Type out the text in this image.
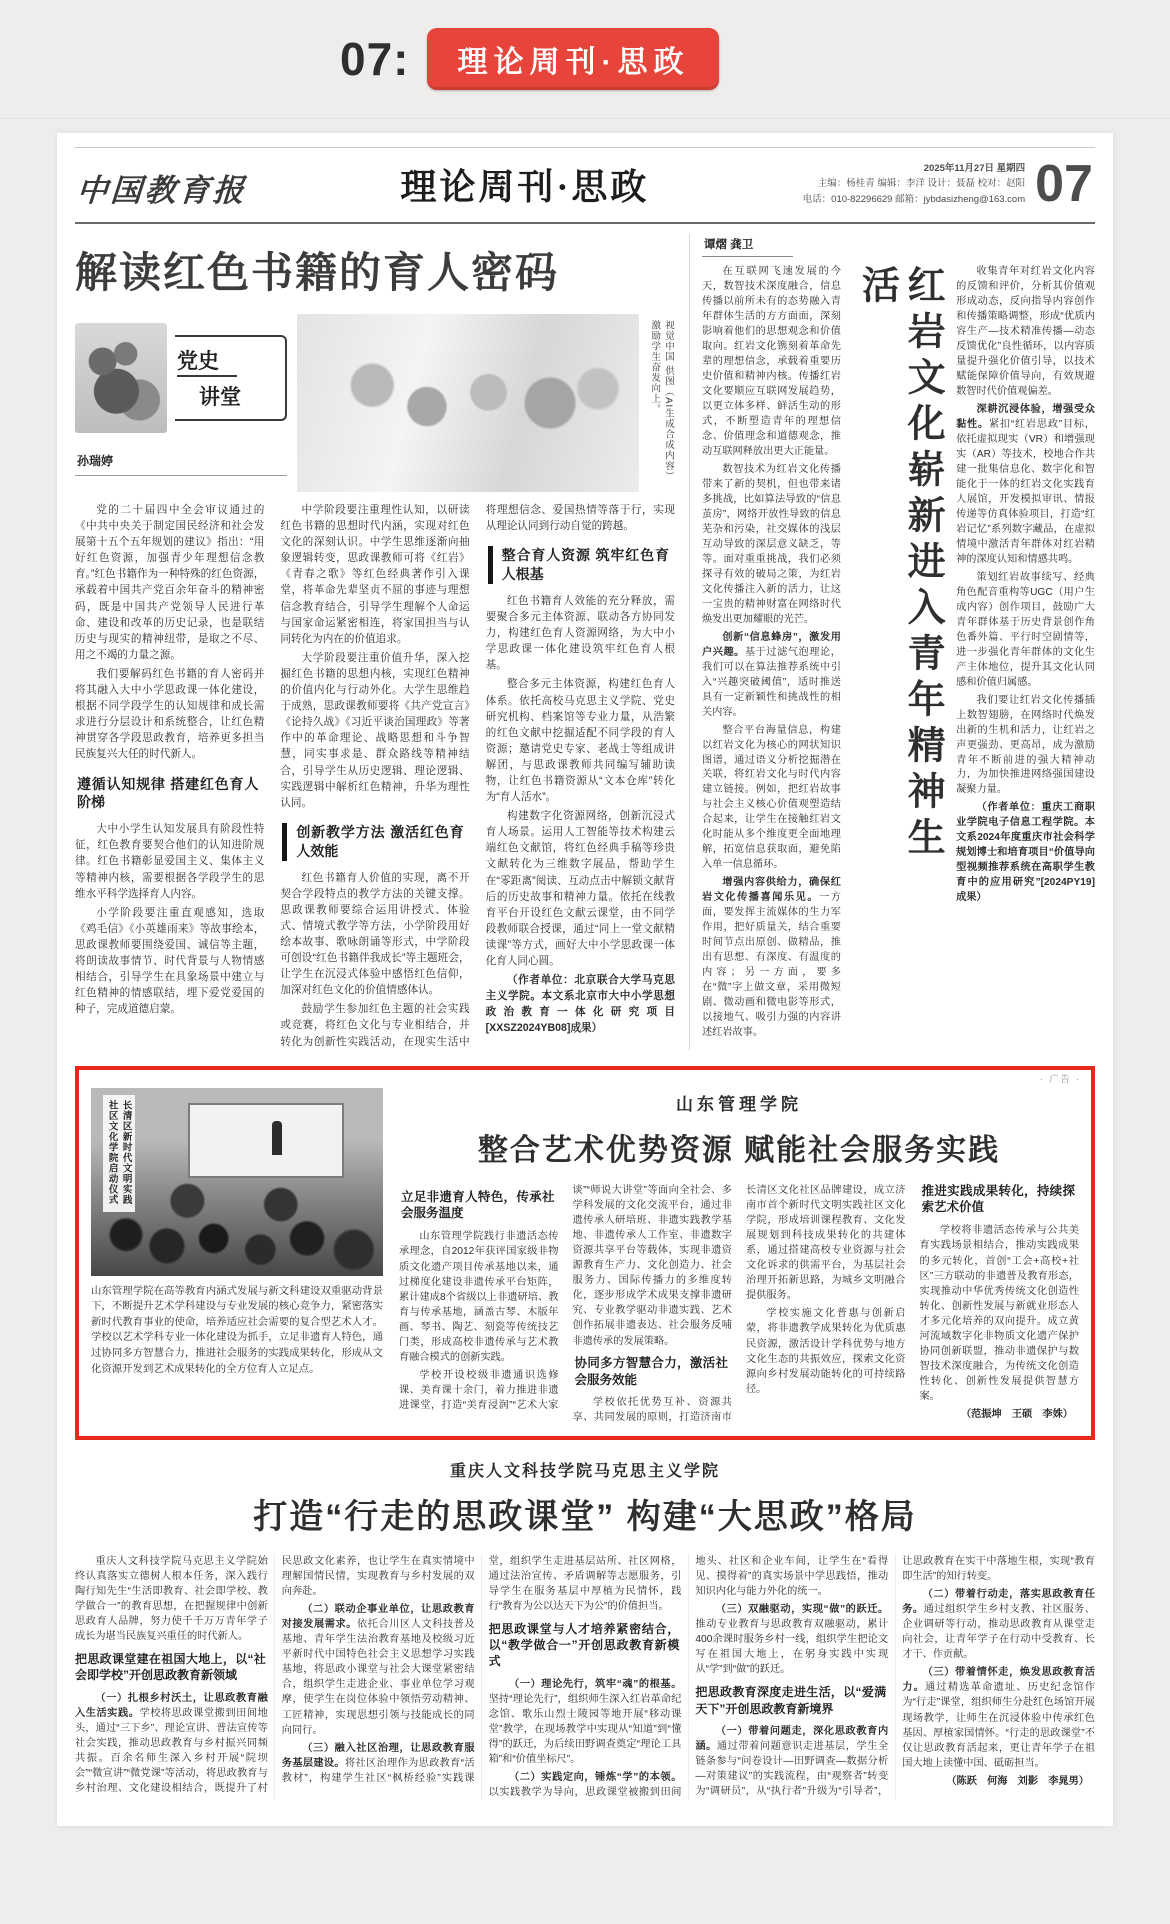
07:	理论周刊·思政
中国教育报	理论周刊·思政	2025年11月27日 星期四
主编：杨桂青 编辑：李洋 设计：聂磊 校对：赵阳
电话：010-82296629 邮箱：jybdasizheng@163.com 07
解读红色书籍的育人密码
党史
讲堂
孙瑞婷	视觉中国 供图（AI生成合成内容）激励学生奋发向上。

党的二十届四中全会审议通过的《中共中央关于制定国民经济和社会发展第十五个五年规划的建议》指出：“用好红色资源，加强青少年理想信念教育。”红色书籍作为一种特殊的红色资源，承载着中国共产党百余年奋斗的精神密码，既是中国共产党领导人民进行革命、建设和改革的历史记录，也是联结历史与现实的精神纽带，是取之不尽、用之不竭的力量之源。

我们要解码红色书籍的育人密码并将其融入大中小学思政课一体化建设，根据不同学段学生的认知规律和成长需求进行分层设计和系统整合，让红色精神贯穿各学段思政教育，培养更多担当民族复兴大任的时代新人。

遵循认知规律 搭建红色育人阶梯

大中小学生认知发展具有阶段性特征，红色教育要契合他们的认知进阶规律。红色书籍彰显爱国主义、集体主义等精神内核，需要根据各学段学生的思维水平科学选择育人内容。

小学阶段要注重直观感知，选取《鸡毛信》《小英雄雨来》等故事绘本，思政课教师要围绕爱国、诚信等主题，将朗读故事情节、时代背景与人物情感相结合，引导学生在具象场景中建立与红色精神的情感联结，埋下爱党爱国的种子，完成道德启蒙。

中学阶段要注重理性认知，以研读红色书籍的思想时代内涵，实现对红色文化的深刻认识。中学生思维逐渐向抽象逻辑转变，思政课教师可将《红岩》《青春之歌》等红色经典著作引入课堂，将革命先辈坚贞不屈的事迹与理想信念教育结合，引导学生理解个人命运与国家命运紧密相连，将家国担当与认同转化为内在的价值追求。

大学阶段要注重价值升华，深入挖掘红色书籍的思想内核，实现红色精神的价值内化与行动外化。大学生思维趋于成熟，思政课教师要将《共产党宣言》《论持久战》《习近平谈治国理政》等著作中的革命理论、战略思想和斗争智慧，同实事求是、群众路线等精神结合，引导学生从历史逻辑、理论逻辑、实践逻辑中解析红色精神，升华为理性认同。

创新教学方法 激活红色育人效能

红色书籍育人价值的实现，离不开契合学段特点的教学方法的关键支撑。思政课教师要综合运用讲授式、体验式、情境式教学等方法，小学阶段用好绘本故事、歌咏朗诵等形式，中学阶段可创设“红色书籍伴我成长”等主题班会，让学生在沉浸式体验中感悟红色信仰，加深对红色文化的价值情感体认。

鼓励学生参加红色主题的社会实践或竞赛，将红色文化与专业相结合，并转化为创新性实践活动，在现实生活中将理想信念、爱国热情等落于行，实现从理论认同到行动自觉的跨越。

整合育人资源 筑牢红色育人根基

红色书籍育人效能的充分释放，需要聚合多元主体资源、联动各方协同发力，构建红色育人资源网络，为大中小学思政课一体化建设筑牢红色育人根基。

整合多元主体资源，构建红色育人体系。依托高校马克思主义学院、党史研究机构、档案馆等专业力量，从浩繁的红色文献中挖掘适配不同学段的育人资源；邀请党史专家、老战士等组成讲解团，与思政课教师共同编写辅助读物，让红色书籍资源从“文本仓库”转化为“育人活水”。

构建数字化资源网络，创新沉浸式育人场景。运用人工智能等技术构建云端红色文献馆，将红色经典手稿等珍贵文献转化为三维数字展品，帮助学生在“零距离”阅读、互动点击中解锁文献背后的历史故事和精神力量。依托在线教育平台开设红色文献云课堂，由不同学段教师联合授课，通过“同上一堂文献精读课”等方式，画好大中小学思政课一体化育人同心圆。

（作者单位：北京联合大学马克思主义学院。本文系北京市大中小学思想政治教育一体化研究项目[XXSZ2024YB08]成果）

谭熠 龚卫

在互联网飞速发展的今天，数智技术深度融合，信息传播以前所未有的态势融入青年群体生活的方方面面，深刻影响着他们的思想观念和价值取向。红岩文化镌刻着革命先辈的理想信念，承载着重要历史价值和精神内核。传播红岩文化要顺应互联网发展趋势，以更立体多样、鲜活生动的形式，不断塑造青年的理想信念、价值理念和道德观念，推动互联网释放出更大正能量。

数智技术为红岩文化传播带来了新的契机，但也带来诸多挑战，比如算法导致的“信息茧房”，网络开放性导致的信息芜杂和污染，社交媒体的浅层互动导致的深层意义缺乏，等等。面对重重挑战，我们必须探寻有效的破局之策，为红岩文化传播注入新的活力，让这一宝贵的精神财富在网络时代焕发出更加耀眼的光芒。

创新“信息蜂房”，激发用户兴趣。基于过滤气泡理论，我们可以在算法推荐系统中引入“兴趣突破阈值”，适时推送具有一定新颖性和挑战性的相关内容。

整合平台海量信息，构建以红岩文化为核心的网状知识图谱，通过语义分析挖掘潜在关联，将红岩文化与时代内容建立链接。例如，把红岩故事与社会主义核心价值观塑造结合起来，让学生在接触红岩文化时能从多个维度更全面地理解，拓宽信息获取面，避免陷入单一信息循环。

增强内容供给力，确保红岩文化传播喜闻乐见。一方面，要发挥主流媒体的生力军作用，把好质量关，结合重要时间节点出原创、做精品，推出有思想、有深度、有温度的内容；另一方面，要多在“微”字上做文章，采用微短剧、微动画和微电影等形式，以接地气、吸引力强的内容讲述红岩故事。

红岩文化崭新进入青年精神生活	收集青年对红岩文化内容的反馈和评价，分析其价值观形成动态，反向指导内容创作和传播策略调整，形成“优质内容生产—技术精准传播—动态反馈优化”良性循环，以内容质量提升强化价值引导，以技术赋能保障价值导向，有效规避数智时代价值观偏差。

深耕沉浸体验，增强受众黏性。紧扣“红岩思政”目标，依托虚拟现实（VR）和增强现实（AR）等技术，校地合作共建一批集信息化、数字化和智能化于一体的红岩文化实践育人展馆，开发模拟审讯、情报传递等仿真体验项目，打造“红岩记忆”系列数字藏品，在虚拟情境中激活青年群体对红岩精神的深度认知和情感共鸣。

策划红岩故事续写、经典角色配音重构等UGC（用户生成内容）创作项目，鼓励广大青年群体基于历史背景创作角色番外篇、平行时空剧情等，进一步强化青年群体的文化生产主体地位，提升其文化认同感和价值归属感。

我们要让红岩文化传播插上数智翅膀，在网络时代焕发出新的生机和活力，让红岩之声更强劲、更高昂，成为激励青年不断前进的强大精神动力，为加快推进网络强国建设凝聚力量。

（作者单位：重庆工商职业学院电子信息工程学院。本文系2024年度重庆市社会科学规划博士和培育项目“价值导向型视频推荐系统在高职学生教育中的应用研究”[2024PY19]成果）

· 广告 ·
长清区新时代文明实践社区文化学院启动仪式

山东管理学院在高等教育内涵式发展与新文科建设双重驱动背景下，不断提升艺术学科建设与专业发展的核心竞争力，紧密落实新时代教育事业的使命，培养适应社会需要的复合型艺术人才。学校以艺术学科专业一体化建设为抓手，立足非遗育人特色，通过协同多方智慧合力，推进社会服务的实践成果转化，形成从文化资源开发到艺术成果转化的全方位育人立足点。

山东管理学院
整合艺术优势资源 赋能社会服务实践
立足非遗育人特色，传承社会服务温度

山东管理学院践行非遗活态传承理念，自2012年获评国家级非物质文化遗产项目传承基地以来，通过梯度化建设非遗传承平台矩阵，累计建成8个省级以上非遗研培、教育与传承基地，涵盖古琴、木版年画、琴书、陶艺、刻瓷等传统技艺门类，形成高校非遗传承与艺术教育融合模式的创新实践。

学校开设校级非遗通识选修课、美育课十余门，着力推进非遗进课堂，打造“美育浸润”“艺术大家谈”“师说大讲堂”等面向全社会、多学科发展的文化交流平台，通过非遗传承人研培班、非遗实践教学基地、非遗传承人工作室、非遗数字资源共享平台等载体，实现非遗资源教育生产力、文化创造力、社会服务力、国际传播力的多维度转化，逐步形成学术成果支撑非遗研究、专业教学驱动非遗实践、艺术创作拓展非遗表达、社会服务反哺非遗传承的发展策略。

协同多方智慧合力，激活社会服务效能

学校依托优势互补、资源共享、共同发展的原则，打造济南市长清区文化社区品牌建设，成立济南市首个新时代文明实践社区文化学院，形成培训课程教育、文化发展规划到科技成果转化的共建体系，通过搭建高校专业资源与社会文化诉求的供需平台，为基层社会治理开拓新思路，为城乡文明融合提供服务。

学校实施文化普惠与创新启蒙，将非遗教学成果转化为优质惠民资源，激活设计学科优势与地方文化生态的共振效应，探索文化资源向乡村发展动能转化的可持续路径。

推进实践成果转化，持续探索艺术价值

学校将非遗活态传承与公共美育实践场景相结合，推动实践成果的多元转化，首创“工会+高校+社区”三方联动的非遗普及教育形态，实现推动中华优秀传统文化创造性转化、创新性发展与新就业形态人才多元化培养的双向提升。成立黄河流域数字化非物质文化遗产保护协同创新联盟，推动非遗保护与数智技术深度融合，为传统文化创造性转化、创新性发展提供智慧方案。

（范振坤　王硕　李姝）

重庆人文科技学院马克思主义学院
打造“行走的思政课堂” 构建“大思政”格局

重庆人文科技学院马克思主义学院始终认真落实立德树人根本任务，深入践行陶行知先生“生活即教育、社会即学校、教学做合一”的教育思想，在把握规律中创新思政育人品牌，努力使千千万万青年学子成长为堪当民族复兴重任的时代新人。

把思政课堂建在祖国大地上，以“社会即学校”开创思政教育新领域

（一）扎根乡村沃土，让思政教育融入生活实践。学校将思政课堂搬到田间地头，通过“三下乡”、理论宣讲、普法宣传等社会实践，推动思政教育与乡村振兴同频共振。百余名师生深入乡村开展“院坝会”“微宣讲”“微党课”等活动，将思政教育与乡村治理、文化建设相结合，既提升了村民思政文化素养，也让学生在真实情境中理解国情民情，实现教育与乡村发展的双向奔赴。

（二）联动企事业单位，让思政教育对接发展需求。依托合川区人文科技普及基地、青年学生法治教育基地及校级习近平新时代中国特色社会主义思想学习实践基地，将思政小课堂与社会大课堂紧密结合，组织学生走进企业、事业单位学习观摩，使学生在岗位体验中领悟劳动精神、工匠精神，实现思想引领与技能成长的同向同行。

（三）融入社区治理，让思政教育服务基层建设。将社区治理作为思政教育“活教材”，构建学生社区“枫桥经验”实践课堂，组织学生走进基层站所、社区网格，通过法治宣传、矛盾调解等志愿服务，引导学生在服务基层中厚植为民情怀，践行“教育为公以达天下为公”的价值担当。

把思政课堂与人才培养紧密结合，以“教学做合一”开创思政教育新模式

（一）理论先行，筑牢“魂”的根基。坚持“理论先行”，组织师生深入红岩革命纪念馆、歌乐山烈士陵园等地开展“移动课堂”教学，在现场教学中实现从“知道”到“懂得”的跃迁，为后续田野调查奠定“理论工具箱”和“价值坐标尺”。

（二）实践定向，锤炼“学”的本领。以实践教学为导向，思政课堂被搬到田间地头、社区和企业车间，让学生在“看得见、摸得着”的真实场景中学思践悟，推动知识内化与能力外化的统一。

（三）双融驱动，实现“做”的跃迁。推动专业教育与思政教育双融驱动，累计400余课时服务乡村一线，组织学生把论文写在祖国大地上，在躬身实践中实现从“学”到“做”的跃迁。

把思政教育深度走进生活，以“爱满天下”开创思政教育新境界

（一）带着问题走，深化思政教育内涵。通过带着问题意识走进基层，学生全链条参与“问卷设计—田野调查—数据分析—对策建议”的实践流程，由“观察者”转变为“调研员”，从“执行者”升级为“引导者”，让思政教育在实干中落地生根，实现“教育即生活”的知行转变。

（二）带着行动走，落实思政教育任务。通过组织学生乡村支教、社区服务、企业调研等行动，推动思政教育从课堂走向社会，让青年学子在行动中受教育、长才干、作贡献。

（三）带着情怀走，焕发思政教育活力。通过精选革命遗址、历史纪念馆作为“行走”课堂，组织师生分赴红色场馆开展现场教学，让师生在沉浸体验中传承红色基因、厚植家国情怀。“行走的思政课堂”不仅让思政教育活起来，更让青年学子在祖国大地上读懂中国、砥砺担当。

（陈跃　何海　刘影　李晁男）
